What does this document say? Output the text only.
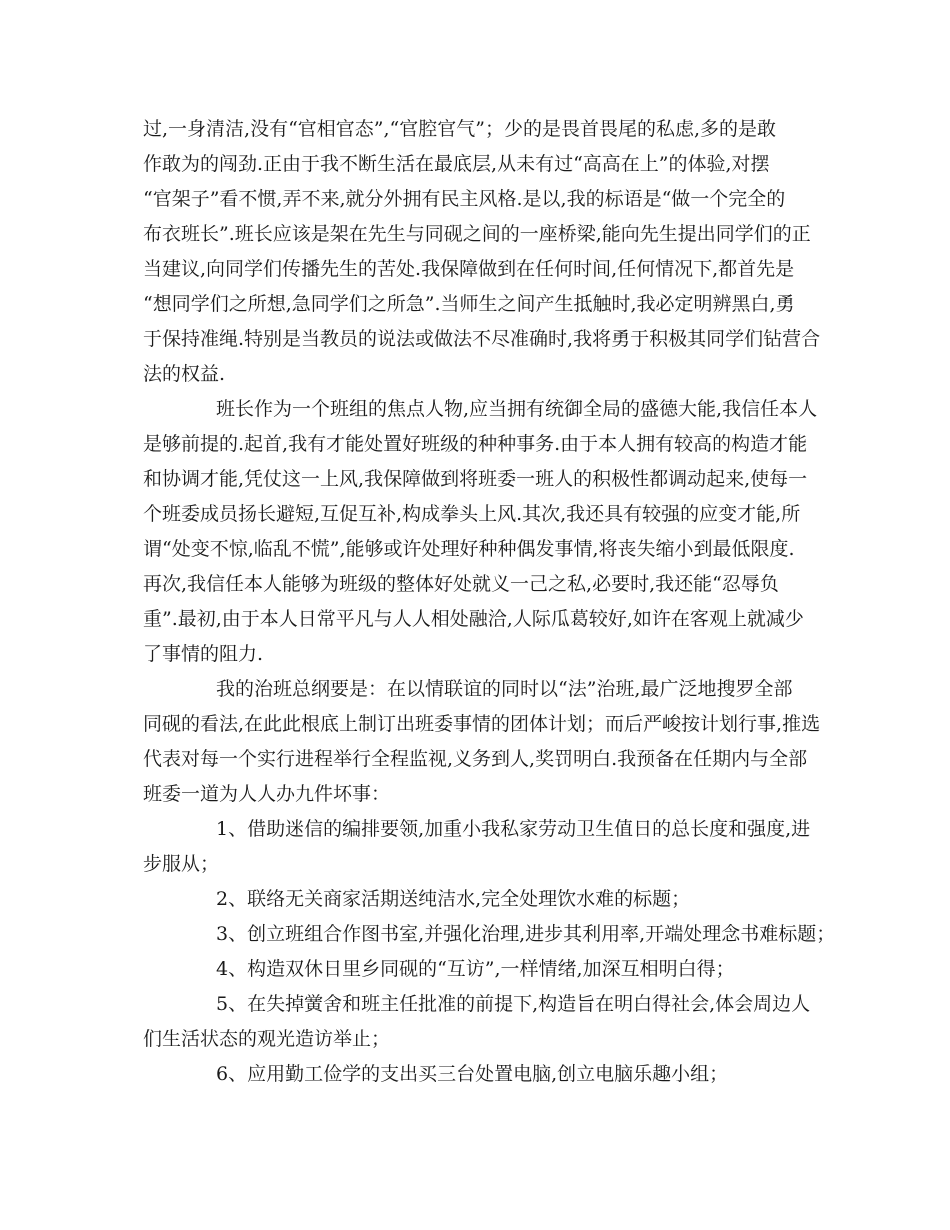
过,一身清洁,没有“官相官态”,“官腔官气”；少的是畏首畏尾的私虑,多的是敢
作敢为的闯劲.正由于我不断生活在最底层,从未有过“高高在上”的体验,对摆
“官架子”看不惯,弄不来,就分外拥有民主风格.是以,我的标语是“做一个完全的
布衣班长”.班长应该是架在先生与同砚之间的一座桥梁,能向先生提出同学们的正
当建议,向同学们传播先生的苦处.我保障做到在任何时间,任何情况下,都首先是
“想同学们之所想,急同学们之所急”.当师生之间产生抵触时,我必定明辨黑白,勇
于保持准绳.特别是当教员的说法或做法不尽准确时,我将勇于积极其同学们钻营合
法的权益.
班长作为一个班组的焦点人物,应当拥有统御全局的盛德大能,我信任本人
是够前提的.起首,我有才能处置好班级的种种事务.由于本人拥有较高的构造才能
和协调才能,凭仗这一上风,我保障做到将班委一班人的积极性都调动起来,使每一
个班委成员扬长避短,互促互补,构成拳头上风.其次,我还具有较强的应变才能,所
谓“处变不惊,临乱不慌”,能够或许处理好种种偶发事情,将丧失缩小到最低限度.
再次,我信任本人能够为班级的整体好处就义一己之私,必要时,我还能“忍辱负
重”.最初,由于本人日常平凡与人人相处融洽,人际瓜葛较好,如许在客观上就减少
了事情的阻力.
我的治班总纲要是：在以情联谊的同时以“法”治班,最广泛地搜罗全部
同砚的看法,在此此根底上制订出班委事情的团体计划；而后严峻按计划行事,推选
代表对每一个实行进程举行全程监视,义务到人,奖罚明白.我预备在任期内与全部
班委一道为人人办九件坏事：
1、借助迷信的编排要领,加重小我私家劳动卫生值日的总长度和强度,进
步服从；
2、联络无关商家活期送纯洁水,完全处理饮水难的标题；
3、创立班组合作图书室,并强化治理,进步其利用率,开端处理念书难标题；
4、构造双休日里乡同砚的“互访”,一样情绪,加深互相明白得；
5、在失掉黉舍和班主任批准的前提下,构造旨在明白得社会,体会周边人
们生活状态的观光造访举止；
6、应用勤工俭学的支出买三台处置电脑,创立电脑乐趣小组；
